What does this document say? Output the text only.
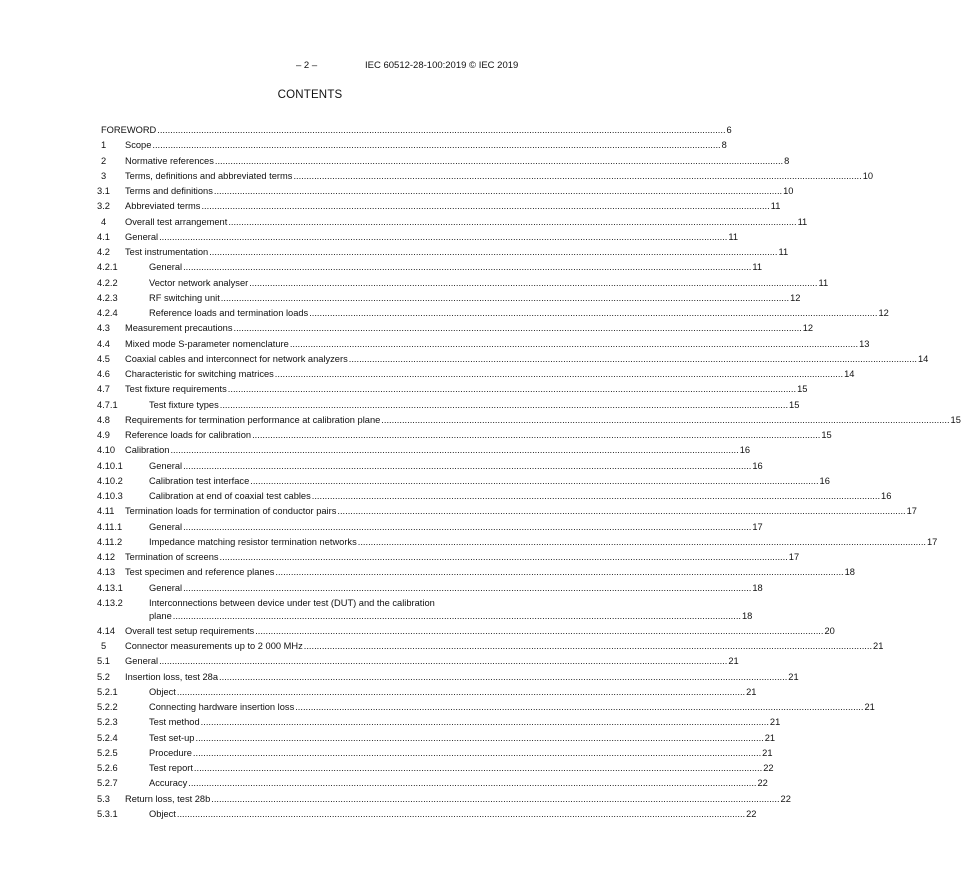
– 2 –	IEC 60512-28-100:2019 © IEC 2019
CONTENTS
FOREWORD ............................................................................................................................................................................................................................ 6
1 Scope ............................................................................................................................................................................................................................ 8
2 Normative references ............................................................................................................................................................................................................................ 8
3 Terms, definitions and abbreviated terms ............................................................................................................................................................................................................................ 10
3.1 Terms and definitions ............................................................................................................................................................................................................................ 10
3.2 Abbreviated terms ............................................................................................................................................................................................................................ 11
4 Overall test arrangement ............................................................................................................................................................................................................................ 11
4.1 General ............................................................................................................................................................................................................................ 11
4.2 Test instrumentation ............................................................................................................................................................................................................................ 11
4.2.1	General ............................................................................................................................................................................................................................ 11
4.2.2	Vector network analyser ............................................................................................................................................................................................................................ 11
4.2.3	RF switching unit ............................................................................................................................................................................................................................ 12
4.2.4	Reference loads and termination loads ............................................................................................................................................................................................................................ 12
4.3 Measurement precautions ............................................................................................................................................................................................................................ 12
4.4 Mixed mode S-parameter nomenclature ............................................................................................................................................................................................................................ 13
4.5 Coaxial cables and interconnect for network analyzers ............................................................................................................................................................................................................................ 14
4.6 Characteristic for switching matrices ............................................................................................................................................................................................................................ 14
4.7 Test fixture requirements ............................................................................................................................................................................................................................ 15
4.7.1	Test fixture types ............................................................................................................................................................................................................................ 15
4.8 Requirements for termination performance at calibration plane ............................................................................................................................................................................................................................ 15
4.9 Reference loads for calibration ............................................................................................................................................................................................................................ 15
4.10 Calibration ............................................................................................................................................................................................................................ 16
4.10.1	General ............................................................................................................................................................................................................................ 16
4.10.2	Calibration test interface ............................................................................................................................................................................................................................ 16
4.10.3	Calibration at end of coaxial test cables ............................................................................................................................................................................................................................ 16
4.11 Termination loads for termination of conductor pairs ............................................................................................................................................................................................................................ 17
4.11.1	General ............................................................................................................................................................................................................................ 17
4.11.2	Impedance matching resistor termination networks ............................................................................................................................................................................................................................ 17
4.12 Termination of screens ............................................................................................................................................................................................................................ 17
4.13 Test specimen and reference planes ............................................................................................................................................................................................................................ 18
4.13.1	General ............................................................................................................................................................................................................................ 18
4.13.2	Interconnections between device under test (DUT) and the calibration
plane ............................................................................................................................................................................................................................ 18
4.14 Overall test setup requirements ............................................................................................................................................................................................................................ 20
5 Connector measurements up to 2 000 MHz ............................................................................................................................................................................................................................ 21
5.1 General ............................................................................................................................................................................................................................ 21
5.2 Insertion loss, test 28a ............................................................................................................................................................................................................................ 21
5.2.1	Object ............................................................................................................................................................................................................................ 21
5.2.2	Connecting hardware insertion loss ............................................................................................................................................................................................................................ 21
5.2.3	Test method ............................................................................................................................................................................................................................ 21
5.2.4	Test set-up ............................................................................................................................................................................................................................ 21
5.2.5	Procedure ............................................................................................................................................................................................................................ 21
5.2.6	Test report ............................................................................................................................................................................................................................ 22
5.2.7	Accuracy ............................................................................................................................................................................................................................ 22
5.3 Return loss, test 28b ............................................................................................................................................................................................................................ 22
5.3.1	Object ............................................................................................................................................................................................................................ 22
